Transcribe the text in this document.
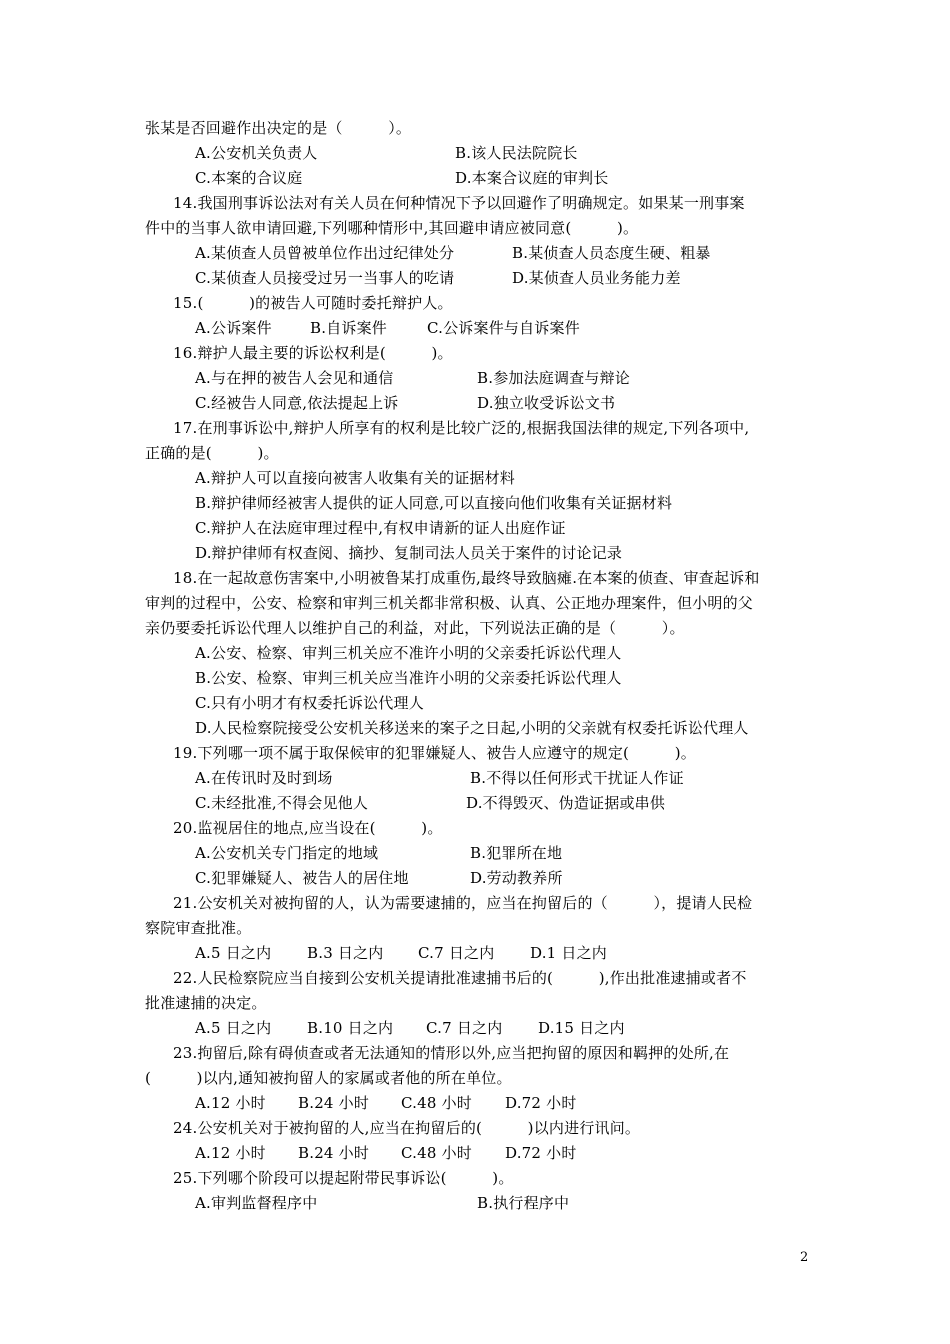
张某是否回避作出决定的是（　　　）。
A.公安机关负责人	B.该人民法院院长
C.本案的合议庭	D.本案合议庭的审判长
14.我国刑事诉讼法对有关人员在何种情况下予以回避作了明确规定。如果某一刑事案
件中的当事人欲申请回避,下列哪种情形中,其回避申请应被同意(　　　)。
A.某侦查人员曾被单位作出过纪律处分	B.某侦查人员态度生硬、粗暴
C.某侦查人员接受过另一当事人的吃请	D.某侦查人员业务能力差
15.(　　　)的被告人可随时委托辩护人。
A.公诉案件	B.自诉案件	C.公诉案件与自诉案件
16.辩护人最主要的诉讼权利是(　　　)。
A.与在押的被告人会见和通信	B.参加法庭调查与辩论
C.经被告人同意,依法提起上诉	D.独立收受诉讼文书
17.在刑事诉讼中,辩护人所享有的权利是比较广泛的,根据我国法律的规定,下列各项中,
正确的是(　　　)。
A.辩护人可以直接向被害人收集有关的证据材料
B.辩护律师经被害人提供的证人同意,可以直接向他们收集有关证据材料
C.辩护人在法庭审理过程中,有权申请新的证人出庭作证
D.辩护律师有权查阅、摘抄、复制司法人员关于案件的讨论记录
18.在一起故意伤害案中,小明被鲁某打成重伤,最终导致脑瘫.在本案的侦查、审查起诉和
审判的过程中，公安、检察和审判三机关都非常积极、认真、公正地办理案件，但小明的父
亲仍要委托诉讼代理人以维护自己的利益，对此，下列说法正确的是（　　　）。
A.公安、检察、审判三机关应不准许小明的父亲委托诉讼代理人
B.公安、检察、审判三机关应当准许小明的父亲委托诉讼代理人
C.只有小明才有权委托诉讼代理人
D.人民检察院接受公安机关移送来的案子之日起,小明的父亲就有权委托诉讼代理人
19.下列哪一项不属于取保候审的犯罪嫌疑人、被告人应遵守的规定(　　　)。
A.在传讯时及时到场	B.不得以任何形式干扰证人作证
C.未经批准,不得会见他人	D.不得毁灭、伪造证据或串供
20.监视居住的地点,应当设在(　　　)。
A.公安机关专门指定的地域	B.犯罪所在地
C.犯罪嫌疑人、被告人的居住地	D.劳动教养所
21.公安机关对被拘留的人，认为需要逮捕的，应当在拘留后的（　　　），提请人民检
察院审查批准。
A.5 日之内 B.3 日之内 C.7 日之内 D.1 日之内
22.人民检察院应当自接到公安机关提请批准逮捕书后的(　　　),作出批准逮捕或者不
批准逮捕的决定。
A.5 日之内 B.10 日之内 C.7 日之内 D.15 日之内
23.拘留后,除有碍侦查或者无法通知的情形以外,应当把拘留的原因和羁押的处所,在
(　　　)以内,通知被拘留人的家属或者他的所在单位。
A.12 小时 B.24 小时 C.48 小时 D.72 小时
24.公安机关对于被拘留的人,应当在拘留后的(　　　)以内进行讯问。
A.12 小时 B.24 小时 C.48 小时 D.72 小时
25.下列哪个阶段可以提起附带民事诉讼(　　　)。
A.审判监督程序中	B.执行程序中
2
